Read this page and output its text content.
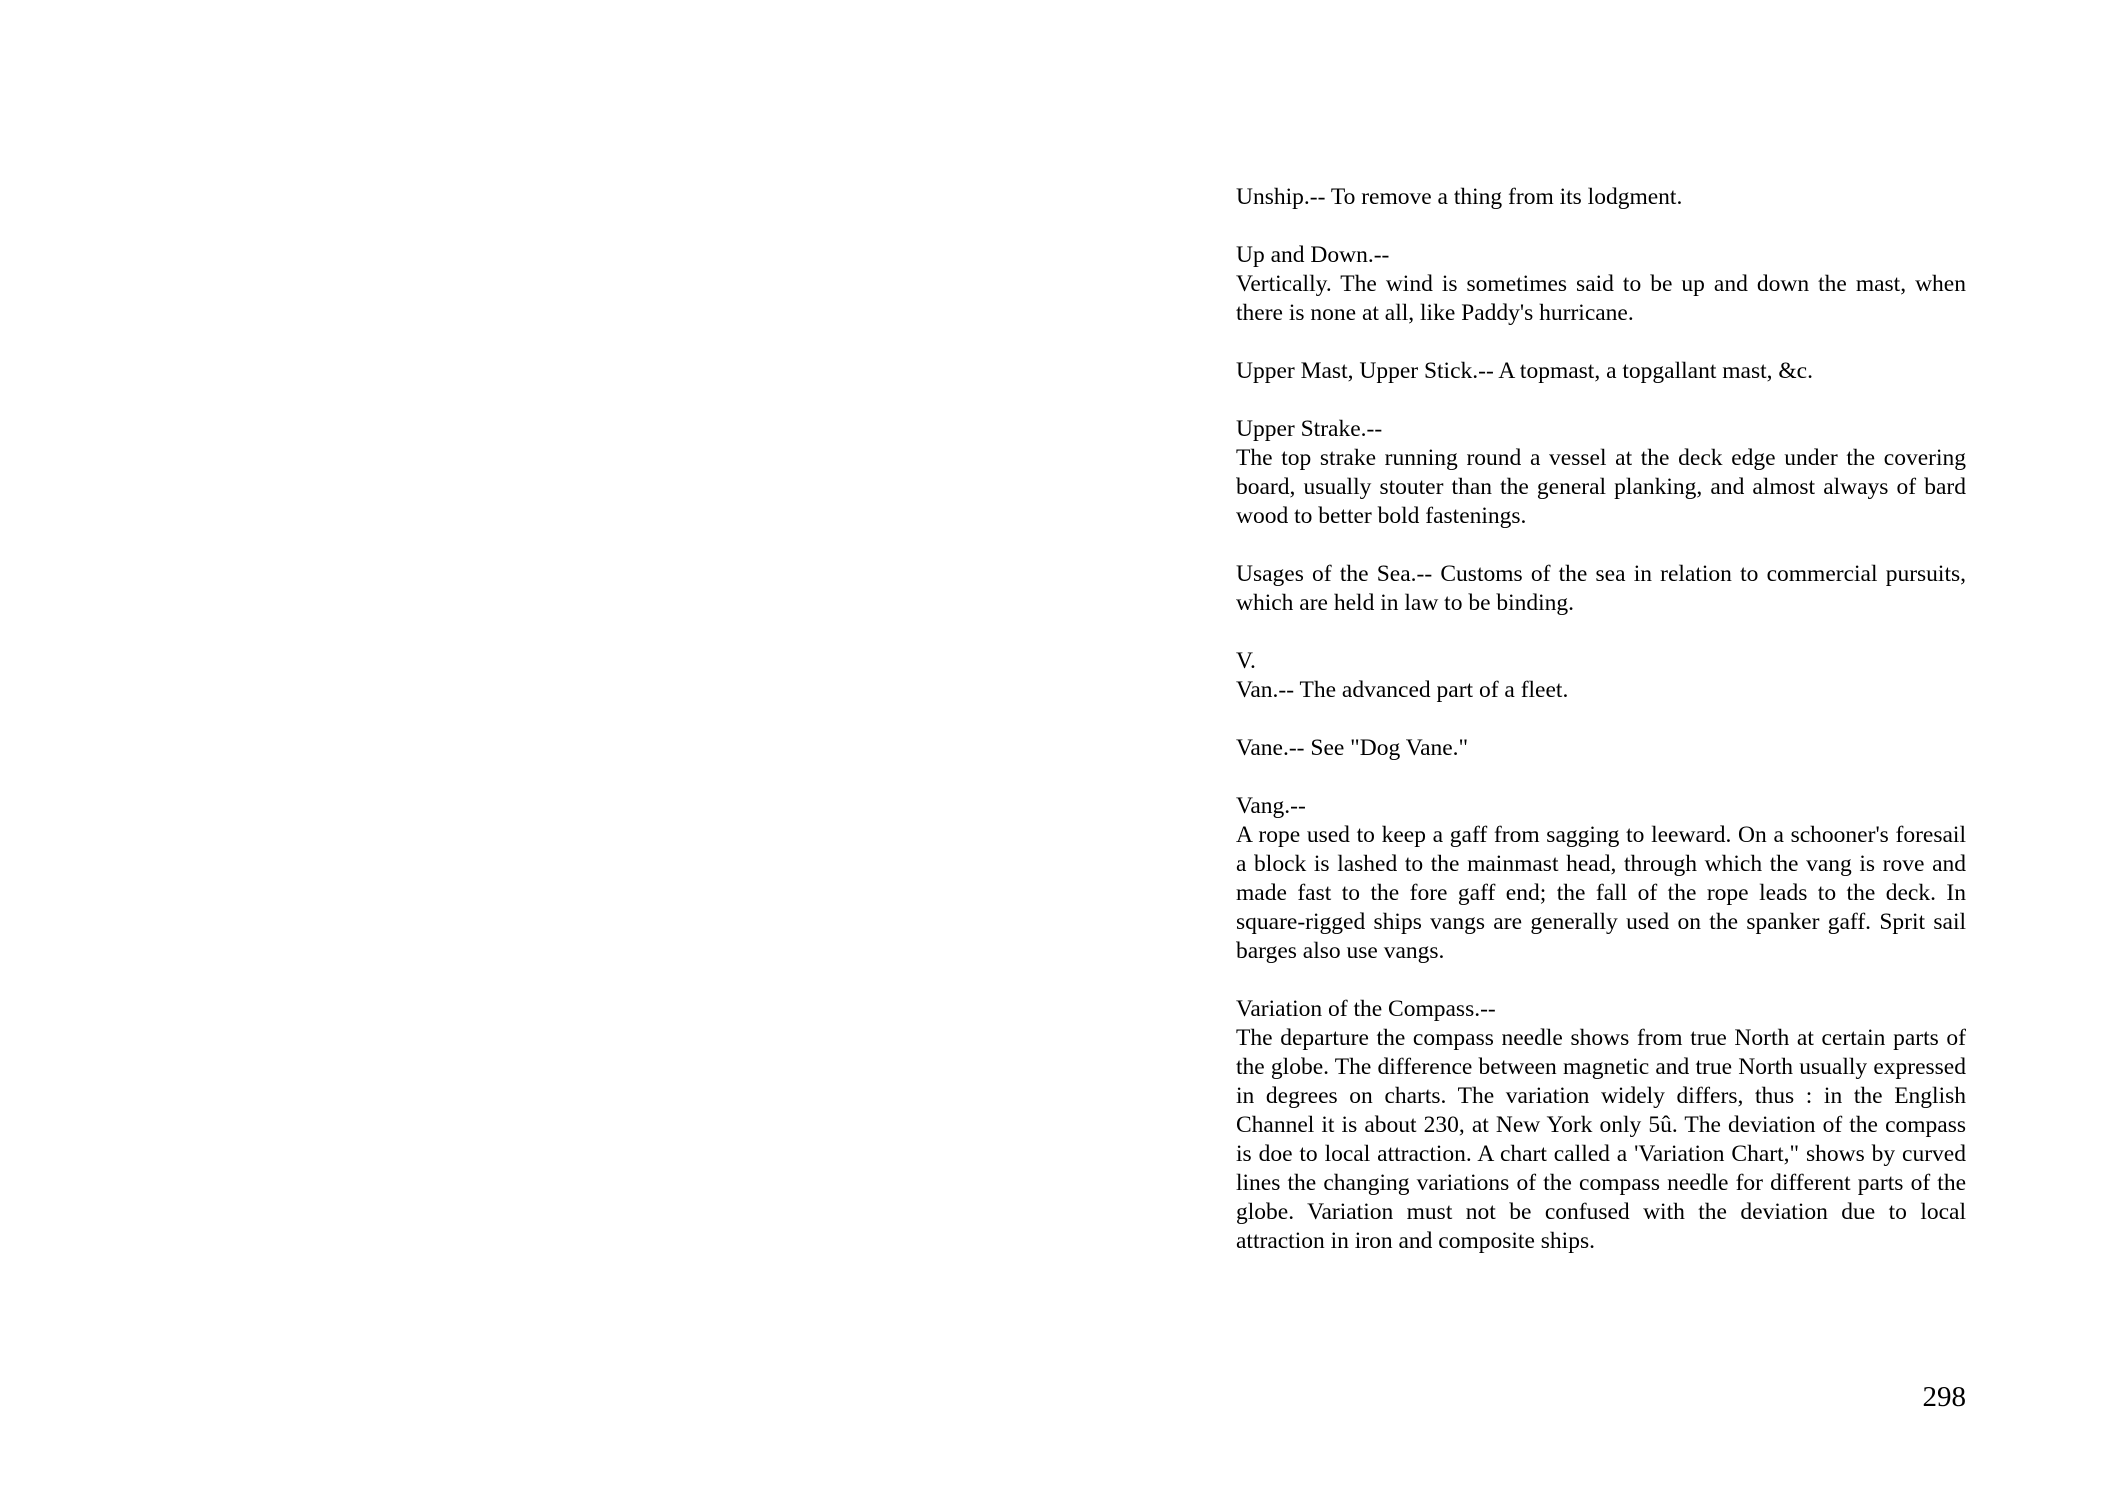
Unship.-- To remove a thing from its lodgment.

Up and Down.--

Vertically. The wind is sometimes said to be up and down the mast, when there is none at all, like Paddy's hurricane.

Upper Mast, Upper Stick.-- A topmast, a topgallant mast, &c.

Upper Strake.--

The top strake running round a vessel at the deck edge under the covering board, usually stouter than the general planking, and almost always of bard wood to better bold fastenings.

Usages of the Sea.-- Customs of the sea in relation to commercial pursuits, which are held in law to be binding.

V.

Van.-- The advanced part of a fleet.

Vane.-- See "Dog Vane."

Vang.--

A rope used to keep a gaff from sagging to leeward. On a schooner's foresail a block is lashed to the mainmast head, through which the vang is rove and made fast to the fore gaff end; the fall of the rope leads to the deck. In square-rigged ships vangs are generally used on the spanker gaff. Sprit sail barges also use vangs.

Variation of the Compass.--

The departure the compass needle shows from true North at certain parts of the globe. The difference between magnetic and true North usually expressed in degrees on charts. The variation widely differs, thus : in the English Channel it is about 230, at New York only 5û. The deviation of the compass is doe to local attraction. A chart called a 'Variation Chart," shows by curved lines the changing variations of the compass needle for different parts of the globe. Variation must not be confused with the deviation due to local attraction in iron and composite ships.

298
